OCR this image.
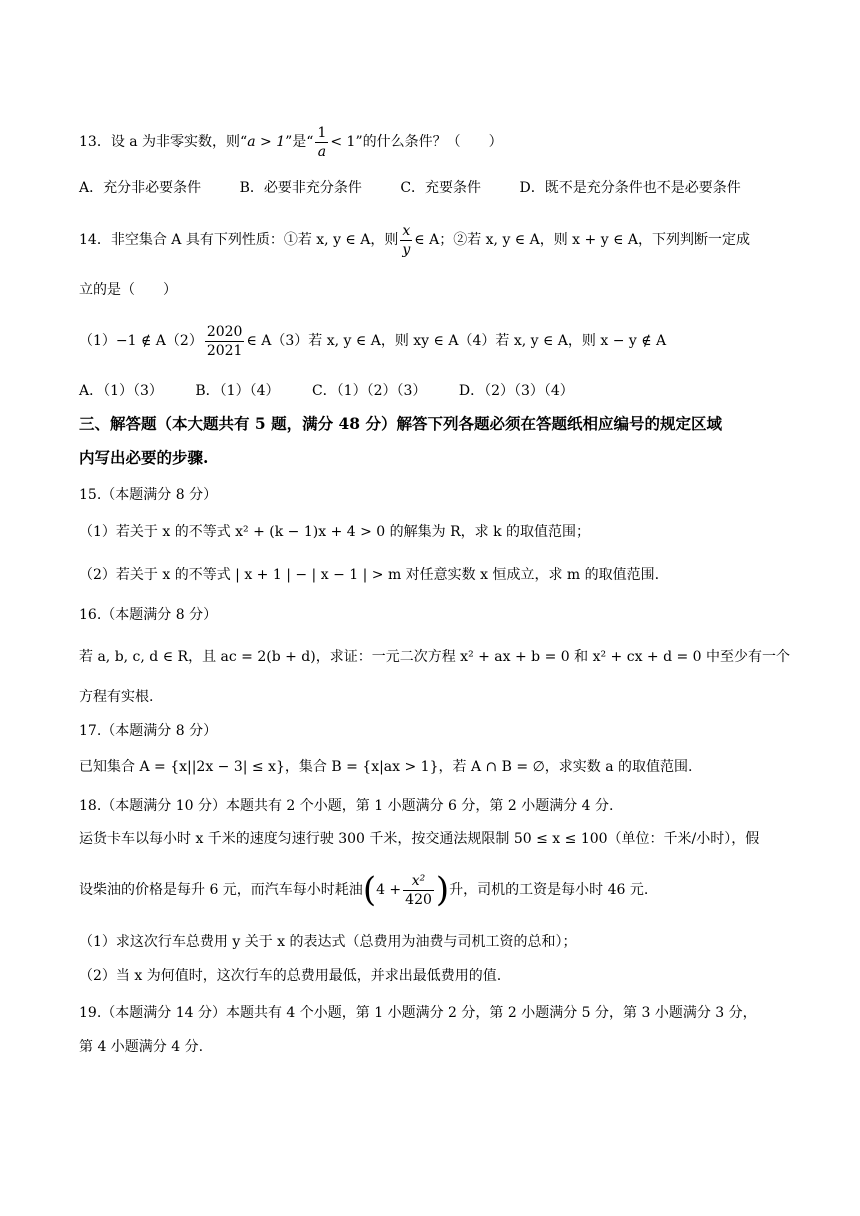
13．设 a 为非零实数，则“a > 1”是“ $\frac{1}{a} < 1$”的什么条件？（　　）
A．充分非必要条件	B．必要非充分条件	C．充要条件	D．既不是充分条件也不是必要条件
14．非空集合 A 具有下列性质：①若 x, y ∈ A，则 $\frac{x}{y}$ ∈ A；②若 x, y ∈ A，则 x + y ∈ A，下列判断一定成
立的是（　　）
（1）−1 ∉ $A(2) \frac{2020}{2021}$ ∈ A（3）若 x, y ∈ A，则 xy ∈ A（4）若 x, y ∈ A，则 x − y ∉ A
A．（1）（3） B．（1）（4） C．（1）（2）（3） D．（2）（3）（4）
三、解答题（本大题共有 5 题，满分 48 分）解答下列各题必须在答题纸相应编号的规定区域
内写出必要的步骤.
15.（本题满分 8 分）
（1）若关于 x 的不等式 x² + (k − 1)x + 4 > 0 的解集为 R，求 k 的取值范围；
（2）若关于 x 的不等式 | x + 1 | − | x − 1 | > m 对任意实数 x 恒成立，求 m 的取值范围.
16.（本题满分 8 分）
若 a, b, c, d ∈ R，且 ac = 2(b + d)，求证：一元二次方程 x² + ax + b = 0 和 x² + cx + d = 0 中至少有一个
方程有实根.
17.（本题满分 8 分）
已知集合 A = {x||2x − 3| ≤ x}，集合 B = {x|ax > 1}，若 A ∩ B = ∅，求实数 a 的取值范围.
18.（本题满分 10 分）本题共有 2 个小题，第 1 小题满分 6 分，第 2 小题满分 4 分.
运货卡车以每小时 x 千米的速度匀速行驶 300 千米，按交通法规限制 50 ≤ x ≤ 100（单位：千米/小时），假
设柴油的价格是每升 6 元，而汽车每小时耗油($4 + \frac{\text{x²}}{420}$ )升，司机的工资是每小时 46 元.
（1）求这次行车总费用 y 关于 x 的表达式（总费用为油费与司机工资的总和）；
（2）当 x 为何值时，这次行车的总费用最低，并求出最低费用的值.
19.（本题满分 14 分）本题共有 4 个小题，第 1 小题满分 2 分，第 2 小题满分 5 分，第 3 小题满分 3 分，
第 4 小题满分 4 分.
